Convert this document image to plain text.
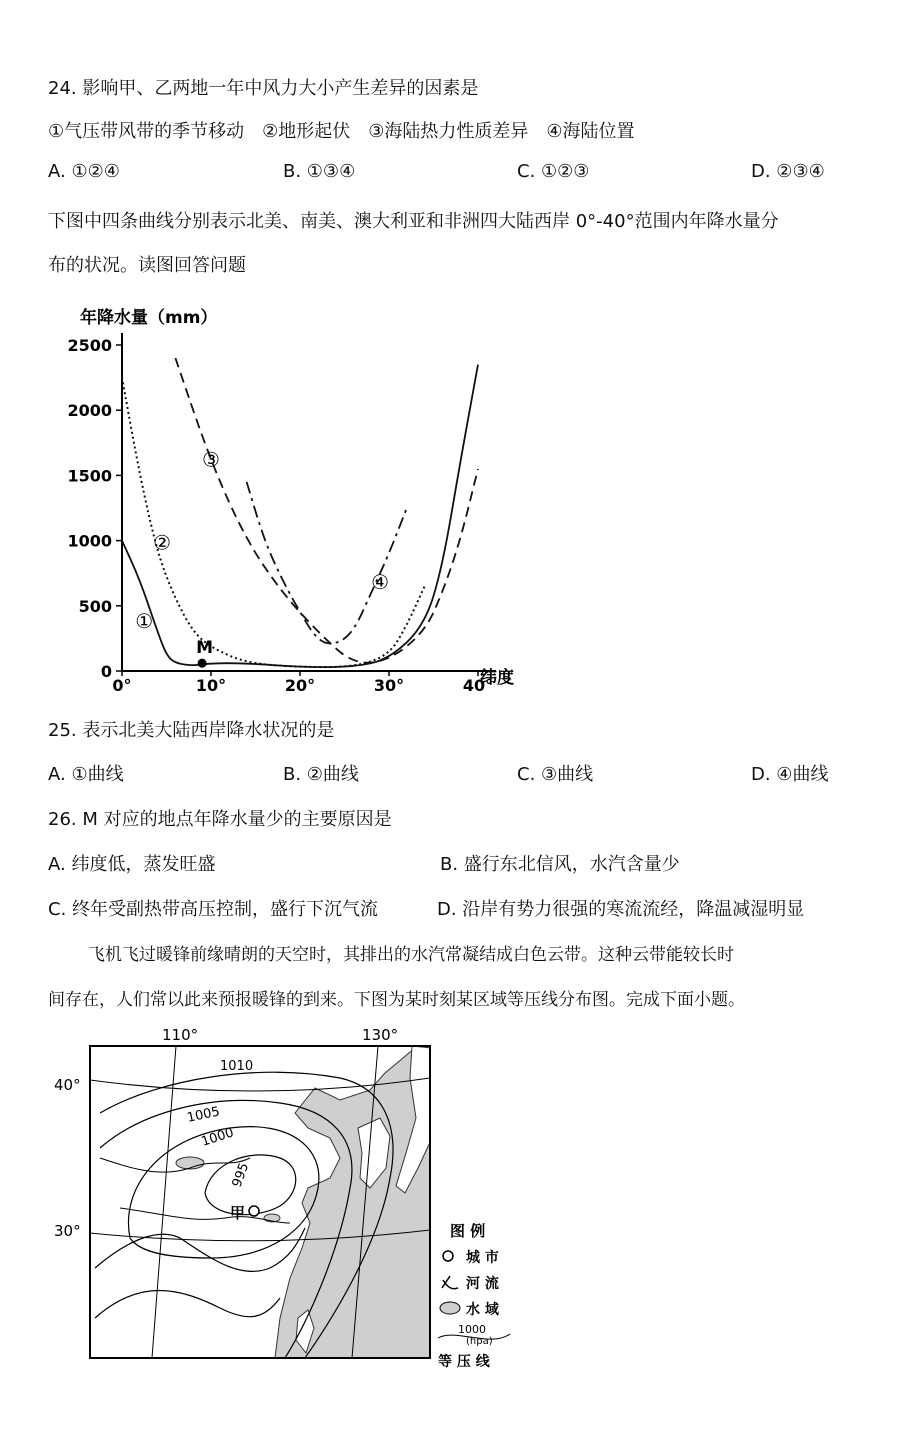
24. 影响甲、乙两地一年中风力大小产生差异的因素是
①气压带风带的季节移动　②地形起伏　③海陆热力性质差异　④海陆位置
A. ①②④	B. ①③④	C. ①②③	D. ②③④
下图中四条曲线分别表示北美、南美、澳大利亚和非洲四大陆西岸 0°-40°范围内年降水量分
布的状况。读图回答问题
年降水量（mm）
纬度
2500
2000
1500
1000
500
0
0°	10°	20°	30°	40°
①
②
③
④
M
25. 表示北美大陆西岸降水状况的是
A. ①曲线	B. ②曲线	C. ③曲线	D. ④曲线
26. M 对应的地点年降水量少的主要原因是
A. 纬度低，蒸发旺盛	B. 盛行东北信风，水汽含量少
C. 终年受副热带高压控制，盛行下沉气流	D. 沿岸有势力很强的寒流流经，降温减湿明显
飞机飞过暖锋前缘晴朗的天空时，其排出的水汽常凝结成白色云带。这种云带能较长时
间存在，人们常以此来预报暖锋的到来。下图为某时刻某区域等压线分布图。完成下面小题。
110°	130°
40°
30°
1010
1005
1000
995
甲
图 例
城 市
河 流
水 域
1000
(hpa)
等 压 线
